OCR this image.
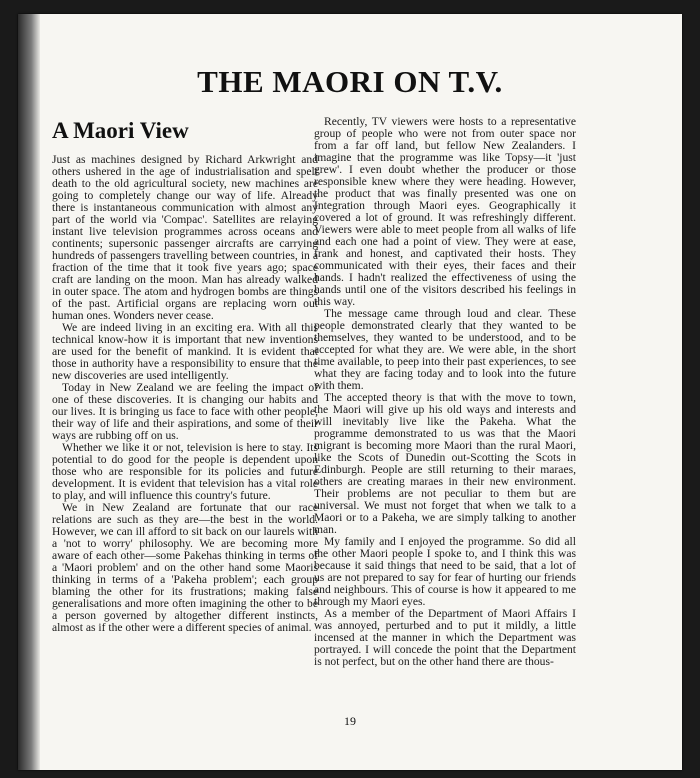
THE MAORI ON T.V.
A Maori View

Just as machines designed by Richard Arkwright and others ushered in the age of industrialisation and spelt death to the old agricultural society, new machines are going to completely change our way of life. Already there is instantaneous communication with almost any part of the world via 'Compac'. Satellites are relaying instant live television programmes across oceans and continents; supersonic passenger aircrafts are carrying hundreds of passengers travelling between countries, in a fraction of the time that it took five years ago; space craft are landing on the moon. Man has already walked in outer space. The atom and hydrogen bombs are things of the past. Artificial organs are replacing worn out human ones. Wonders never cease.

We are indeed living in an exciting era. With all this technical know-how it is important that new inventions are used for the benefit of mankind. It is evident that those in authority have a responsibility to ensure that the new discoveries are used intelligently.

Today in New Zealand we are feeling the impact of one of these discoveries. It is changing our habits and our lives. It is bringing us face to face with other people, their way of life and their aspirations, and some of their ways are rubbing off on us.

Whether we like it or not, television is here to stay. Its potential to do good for the people is dependent upon those who are responsible for its policies and future development. It is evident that television has a vital role to play, and will influence this country's future.

We in New Zealand are fortunate that our race relations are such as they are—the best in the world. However, we can ill afford to sit back on our laurels with a 'not to worry' philosophy. We are becoming more aware of each other—some Pakehas thinking in terms of a 'Maori problem' and on the other hand some Maoris thinking in terms of a 'Pakeha problem'; each group blaming the other for its frustrations; making false generalisations and more often imagining the other to be a person governed by altogether different instincts, almost as if the other were a different species of animal.

Recently, TV viewers were hosts to a representative group of people who were not from outer space nor from a far off land, but fellow New Zealanders. I imagine that the programme was like Topsy—it 'just grew'. I even doubt whether the producer or those responsible knew where they were heading. However, the product that was finally presented was one on Integration through Maori eyes. Geographically it covered a lot of ground. It was refreshingly different. Viewers were able to meet people from all walks of life and each one had a point of view. They were at ease, frank and honest, and captivated their hosts. They communicated with their eyes, their faces and their hands. I hadn't realized the effectiveness of using the hands until one of the visitors described his feelings in this way.

The message came through loud and clear. These people demonstrated clearly that they wanted to be themselves, they wanted to be understood, and to be accepted for what they are. We were able, in the short time available, to peep into their past experiences, to see what they are facing today and to look into the future with them.

The accepted theory is that with the move to town, the Maori will give up his old ways and interests and will inevitably live like the Pakeha. What the programme demonstrated to us was that the Maori migrant is becoming more Maori than the rural Maori, like the Scots of Dunedin out-Scotting the Scots in Edinburgh. People are still returning to their maraes, others are creating maraes in their new environment. Their problems are not peculiar to them but are universal. We must not forget that when we talk to a Maori or to a Pakeha, we are simply talking to another man.

My family and I enjoyed the programme. So did all the other Maori people I spoke to, and I think this was because it said things that need to be said, that a lot of us are not prepared to say for fear of hurting our friends and neighbours. This of course is how it appeared to me through my Maori eyes.

As a member of the Department of Maori Affairs I was annoyed, perturbed and to put it mildly, a little incensed at the manner in which the Department was portrayed. I will concede the point that the Department is not perfect, but on the other hand there are thous-

19
